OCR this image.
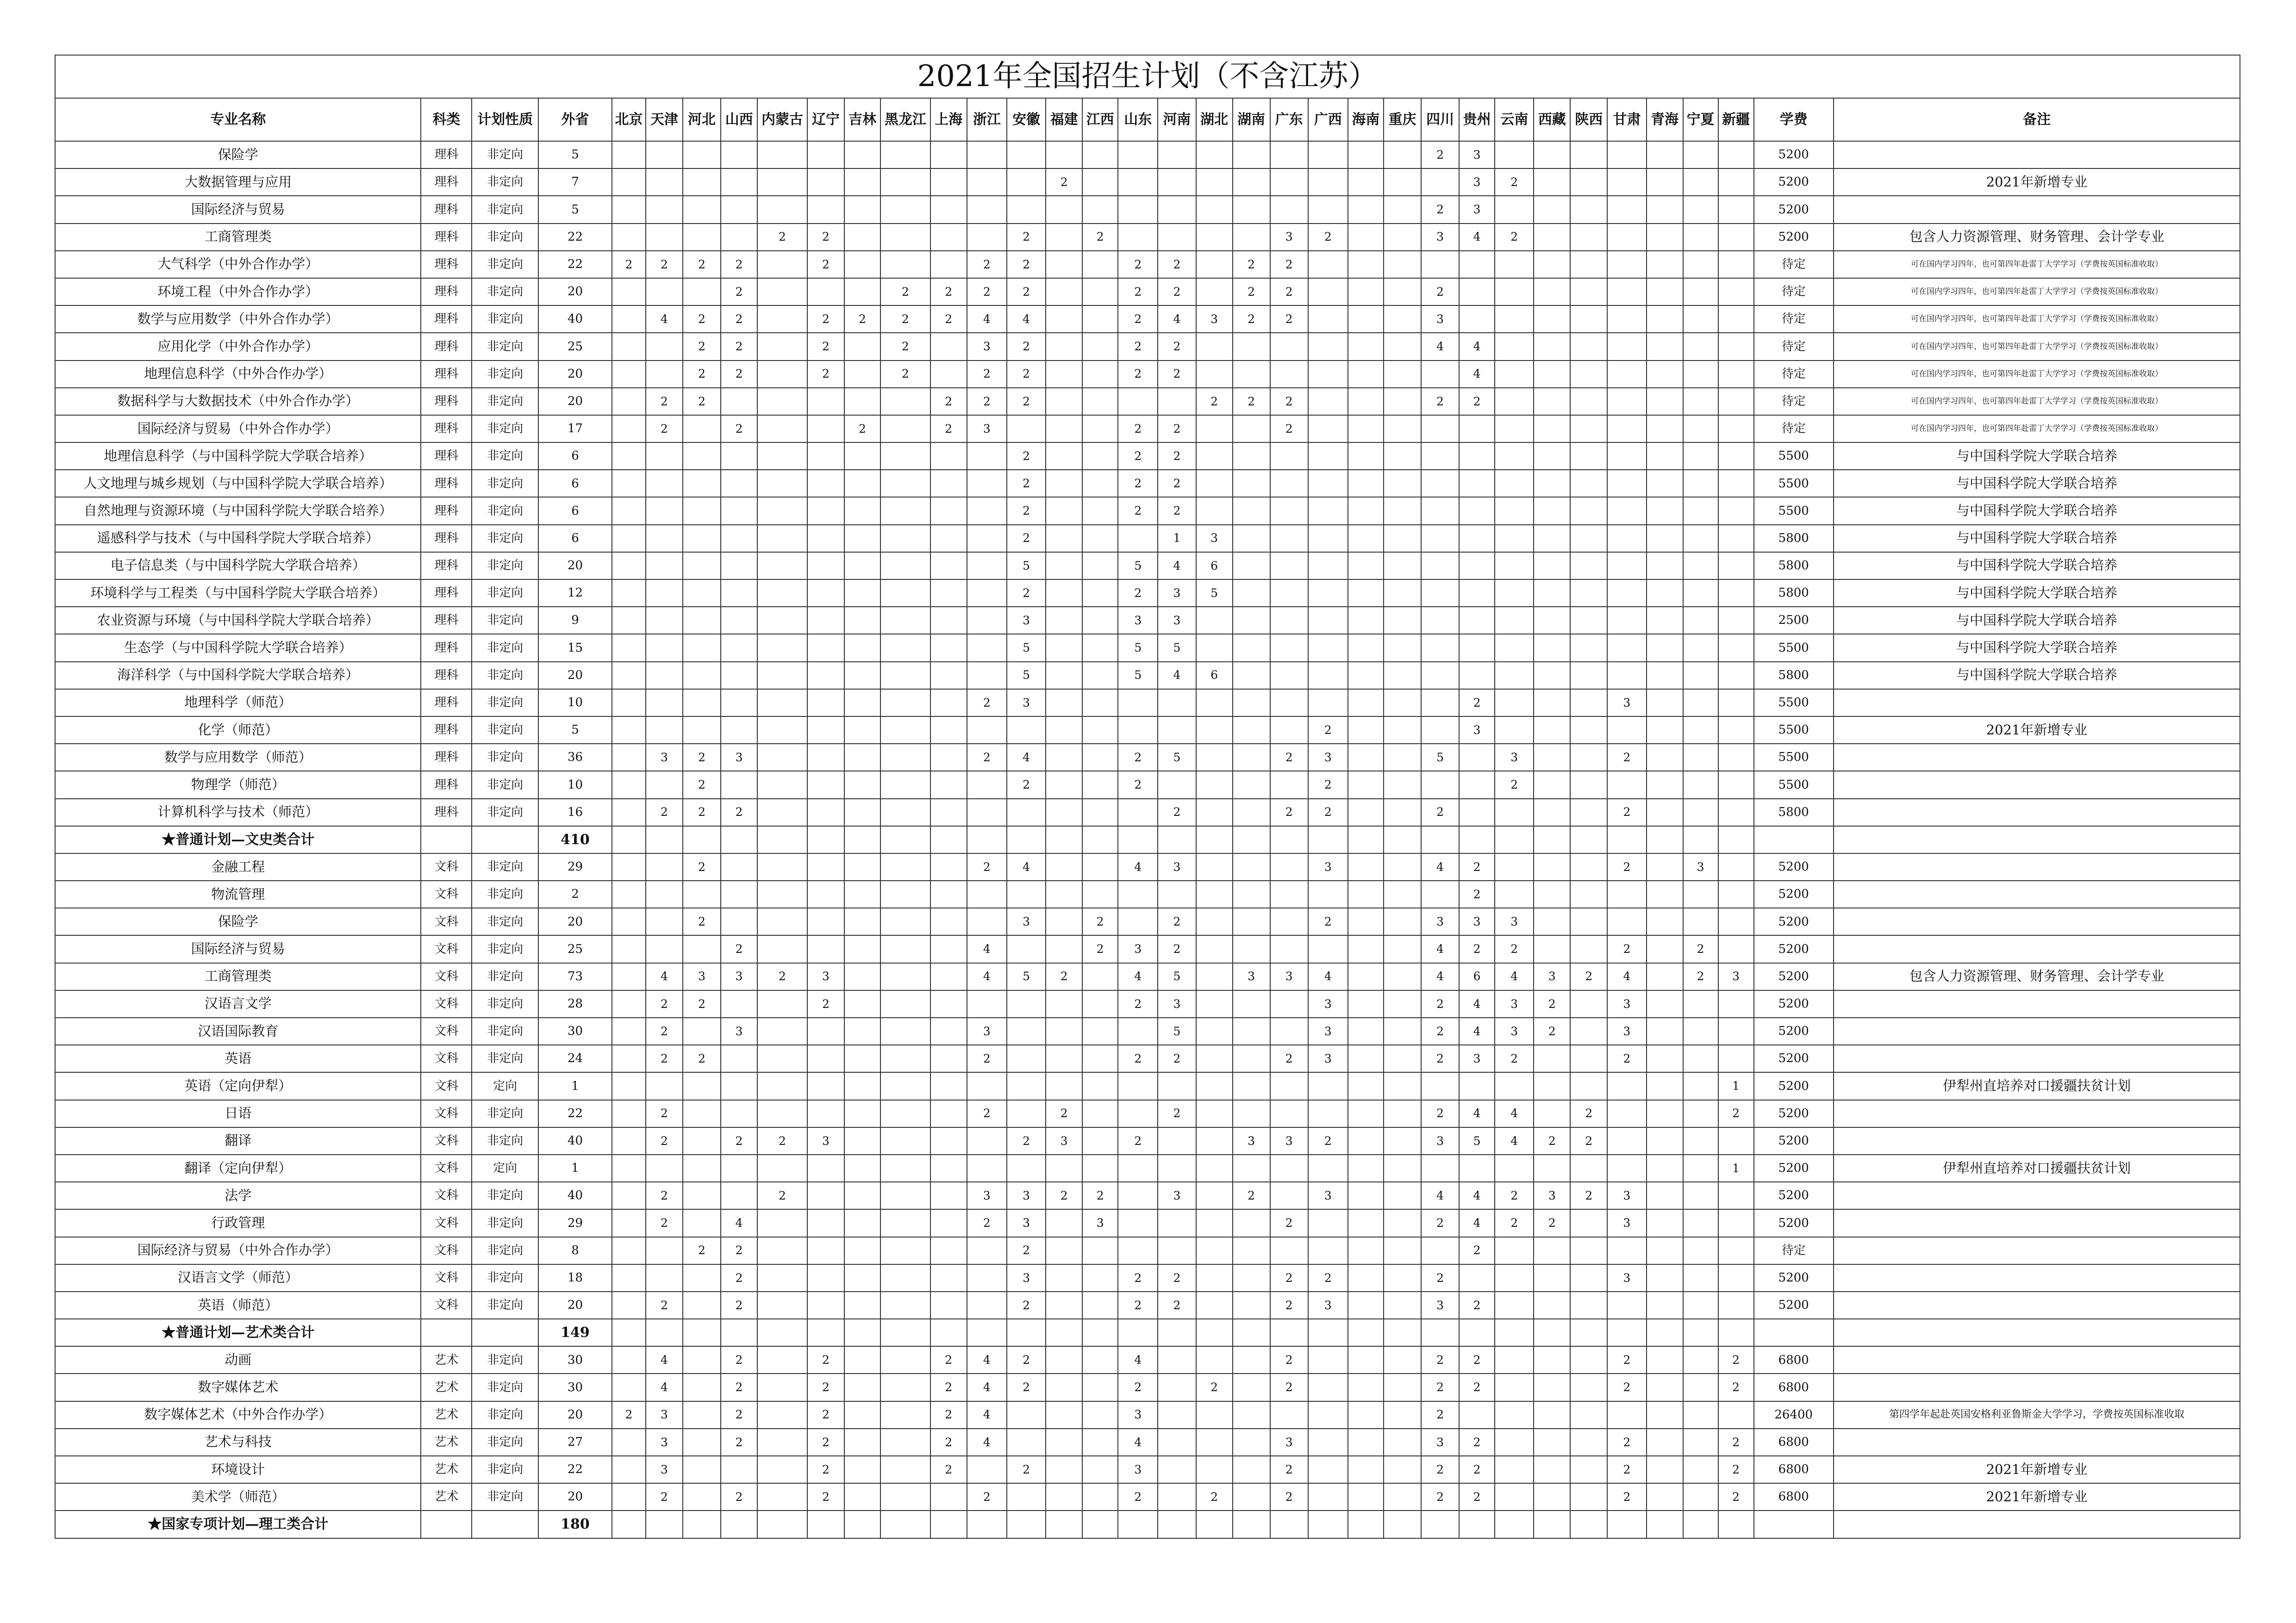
2021年全国招生计划（不含江苏）																																			
专业名称	科类	计划性质	外省	北京	天津	河北	山西	内蒙古	辽宁	吉林	黑龙江	上海	浙江	安徽	福建	江西	山东	河南	湖北	湖南	广东	广西	海南	重庆	四川	贵州	云南	西藏	陕西	甘肃	青海	宁夏	新疆	学费	备注
保险学	理科	非定向	5																						2	3								5200	
大数据管理与应用	理科	非定向	7												2											3	2							5200	2021年新增专业
国际经济与贸易	理科	非定向	5																						2	3								5200	
工商管理类	理科	非定向	22					2	2					2		2					3	2			3	4	2							5200	包含人力资源管理、财务管理、会计学专业
大气科学（中外合作办学）	理科	非定向	22	2	2	2	2		2				2	2			2	2		2	2													待定	可在国内学习四年，也可第四年赴雷丁大学学习（学费按英国标准收取）
环境工程（中外合作办学）	理科	非定向	20				2				2	2	2	2			2	2		2	2				2									待定	可在国内学习四年，也可第四年赴雷丁大学学习（学费按英国标准收取）
数学与应用数学（中外合作办学）	理科	非定向	40		4	2	2		2	2	2	2	4	4			2	4	3	2	2				3									待定	可在国内学习四年，也可第四年赴雷丁大学学习（学费按英国标准收取）
应用化学（中外合作办学）	理科	非定向	25			2	2		2		2		3	2			2	2							4	4								待定	可在国内学习四年，也可第四年赴雷丁大学学习（学费按英国标准收取）
地理信息科学（中外合作办学）	理科	非定向	20			2	2		2		2		2	2			2	2								4								待定	可在国内学习四年，也可第四年赴雷丁大学学习（学费按英国标准收取）
数据科学与大数据技术（中外合作办学）	理科	非定向	20		2	2						2	2	2					2	2	2				2	2								待定	可在国内学习四年，也可第四年赴雷丁大学学习（学费按英国标准收取）
国际经济与贸易（中外合作办学）	理科	非定向	17		2		2			2		2	3				2	2			2													待定	可在国内学习四年，也可第四年赴雷丁大学学习（学费按英国标准收取）
地理信息科学（与中国科学院大学联合培养）	理科	非定向	6											2			2	2																5500	与中国科学院大学联合培养
人文地理与城乡规划（与中国科学院大学联合培养）	理科	非定向	6											2			2	2																5500	与中国科学院大学联合培养
自然地理与资源环境（与中国科学院大学联合培养）	理科	非定向	6											2			2	2																5500	与中国科学院大学联合培养
遥感科学与技术（与中国科学院大学联合培养）	理科	非定向	6											2				1	3															5800	与中国科学院大学联合培养
电子信息类（与中国科学院大学联合培养）	理科	非定向	20											5			5	4	6															5800	与中国科学院大学联合培养
环境科学与工程类（与中国科学院大学联合培养）	理科	非定向	12											2			2	3	5															5800	与中国科学院大学联合培养
农业资源与环境（与中国科学院大学联合培养）	理科	非定向	9											3			3	3																2500	与中国科学院大学联合培养
生态学（与中国科学院大学联合培养）	理科	非定向	15											5			5	5																5500	与中国科学院大学联合培养
海洋科学（与中国科学院大学联合培养）	理科	非定向	20											5			5	4	6															5800	与中国科学院大学联合培养
地理科学（师范）	理科	非定向	10										2	3												2				3				5500	
化学（师范）	理科	非定向	5																			2				3								5500	2021年新增专业
数学与应用数学（师范）	理科	非定向	36		3	2	3						2	4			2	5			2	3			5		3			2				5500	
物理学（师范）	理科	非定向	10			2								2			2					2					2							5500	
计算机科学与技术（师范）	理科	非定向	16		2	2	2											2			2	2			2					2				5800	
★普通计划—文史类合计			410																																
金融工程	文科	非定向	29			2							2	4			4	3				3			4	2				2		3		5200	
物流管理	文科	非定向	2																							2								5200	
保险学	文科	非定向	20			2								3		2		2				2			3	3	3							5200	
国际经济与贸易	文科	非定向	25				2						4			2	3	2							4	2	2			2		2		5200	
工商管理类	文科	非定向	73		4	3	3	2	3				4	5	2		4	5		3	3	4			4	6	4	3	2	4		2	3	5200	包含人力资源管理、财务管理、会计学专业
汉语言文学	文科	非定向	28		2	2			2								2	3				3			2	4	3	2		3				5200	
汉语国际教育	文科	非定向	30		2		3						3					5				3			2	4	3	2		3				5200	
英语	文科	非定向	24		2	2							2				2	2			2	3			2	3	2			2				5200	
英语（定向伊犁）	文科	定向	1																														1	5200	伊犁州直培养对口援疆扶贫计划
日语	文科	非定向	22		2								2		2			2							2	4	4		2				2	5200	
翻译	文科	非定向	40		2		2	2	3					2	3		2			3	3	2			3	5	4	2	2					5200	
翻译（定向伊犁）	文科	定向	1																														1	5200	伊犁州直培养对口援疆扶贫计划
法学	文科	非定向	40		2			2					3	3	2	2		3		2		3			4	4	2	3	2	3				5200	
行政管理	文科	非定向	29		2		4						2	3		3					2				2	4	2	2		3				5200	
国际经济与贸易（中外合作办学）	文科	非定向	8			2	2							2												2								待定	
汉语言文学（师范）	文科	非定向	18				2							3			2	2			2	2			2					3				5200	
英语（师范）	文科	非定向	20		2		2							2			2	2			2	3			3	2								5200	
★普通计划—艺术类合计			149																																
动画	艺术	非定向	30		4		2		2			2	4	2			4				2				2	2				2			2	6800	
数字媒体艺术	艺术	非定向	30		4		2		2			2	4	2			2		2		2				2	2				2			2	6800	
数字媒体艺术（中外合作办学）	艺术	非定向	20	2	3		2		2			2	4				3								2									26400	第四学年起赴英国安格利亚鲁斯金大学学习，学费按英国标准收取
艺术与科技	艺术	非定向	27		3		2		2			2	4				4				3				3	2				2			2	6800	
环境设计	艺术	非定向	22		3				2			2		2			3				2				2	2				2			2	6800	2021年新增专业
美术学（师范）	艺术	非定向	20		2		2		2				2				2		2		2				2	2				2			2	6800	2021年新增专业
★国家专项计划—理工类合计			180																																
